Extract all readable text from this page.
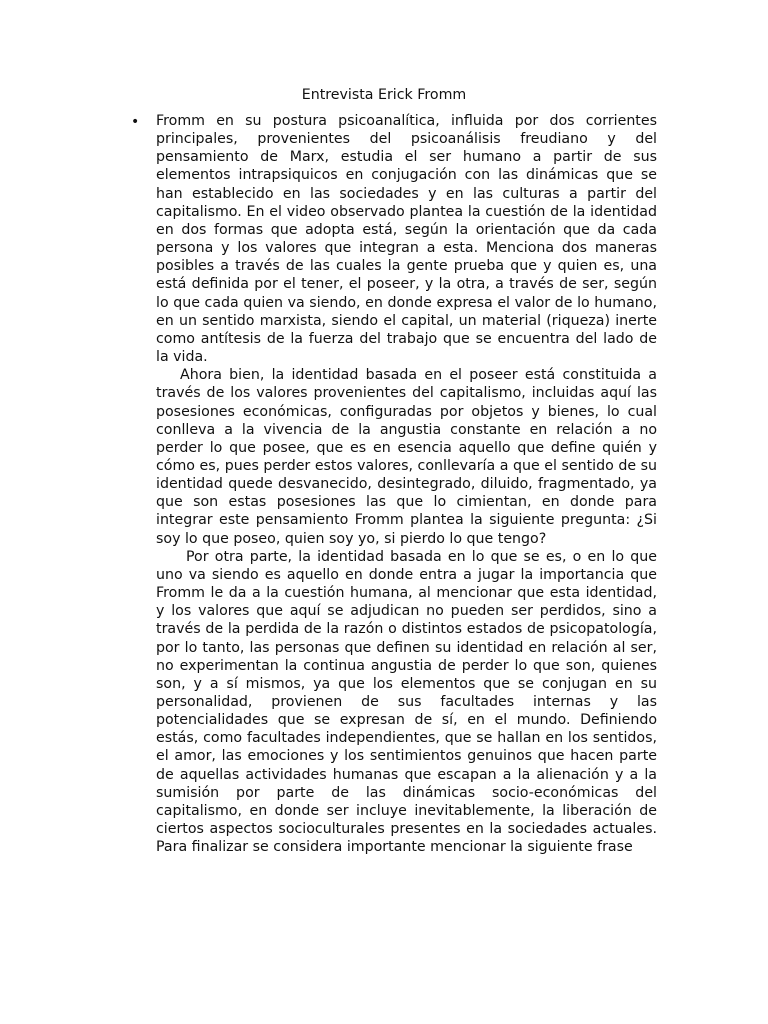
Entrevista Erick Fromm
• Fromm en su postura psicoanalítica, influida por dos corrientes principales, provenientes del psicoanálisis freudiano y del pensamiento de Marx, estudia el ser humano a partir de sus elementos intrapsiquicos en conjugación con las dinámicas que se han establecido en las sociedades y en las culturas a partir del capitalismo. En el video observado plantea la cuestión de la identidad en dos formas que adopta está, según la orientación que da cada persona y los valores que integran a esta. Menciona dos maneras posibles a través de las cuales la gente prueba que y quien es, una está definida por el tener, el poseer, y la otra, a través de ser, según lo que cada quien va siendo, en donde expresa el valor de lo humano, en un sentido marxista, siendo el capital, un material (riqueza) inerte como antítesis de la fuerza del trabajo que se encuentra del lado de la vida.

Ahora bien, la identidad basada en el poseer está constituida a través de los valores provenientes del capitalismo, incluidas aquí las posesiones económicas, configuradas por objetos y bienes, lo cual conlleva a la vivencia de la angustia constante en relación a no perder lo que posee, que es en esencia aquello que define quién y cómo es, pues perder estos valores, conllevaría a que el sentido de su identidad quede desvanecido, desintegrado, diluido, fragmentado, ya que son estas posesiones las que lo cimientan, en donde para integrar este pensamiento Fromm plantea la siguiente pregunta: ¿Si soy lo que poseo, quien soy yo, si pierdo lo que tengo?

Por otra parte, la identidad basada en lo que se es, o en lo que uno va siendo es aquello en donde entra a jugar la importancia que Fromm le da a la cuestión humana, al mencionar que esta identidad, y los valores que aquí se adjudican no pueden ser perdidos, sino a través de la perdida de la razón o distintos estados de psicopatología, por lo tanto, las personas que definen su identidad en relación al ser, no experimentan la continua angustia de perder lo que son, quienes son, y a sí mismos, ya que los elementos que se conjugan en su personalidad, provienen de sus facultades internas y las potencialidades que se expresan de sí, en el mundo. Definiendo estás, como facultades independientes, que se hallan en los sentidos, el amor, las emociones y los sentimientos genuinos que hacen parte de aquellas actividades humanas que escapan a la alienación y a la sumisión por parte de las dinámicas socio-económicas del capitalismo, en donde ser incluye inevitablemente, la liberación de ciertos aspectos socioculturales presentes en la sociedades actuales. Para finalizar se considera importante mencionar la siguiente frase
